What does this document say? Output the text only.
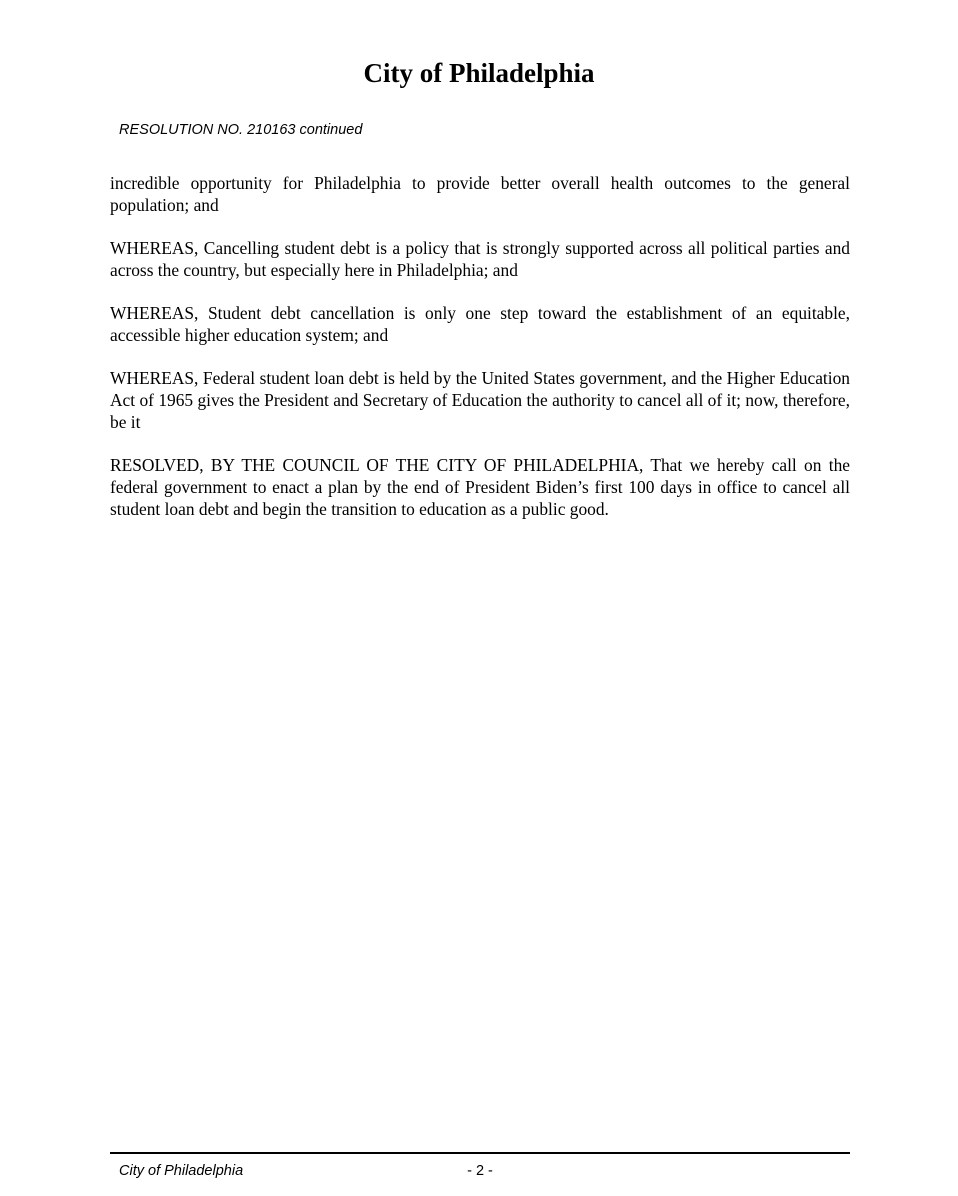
City of Philadelphia
RESOLUTION NO. 210163 continued

incredible opportunity for Philadelphia to provide better overall health outcomes to the general population; and

WHEREAS, Cancelling student debt is a policy that is strongly supported across all political parties and across the country, but especially here in Philadelphia; and

WHEREAS, Student debt cancellation is only one step toward the establishment of an equitable, accessible higher education system; and

WHEREAS, Federal student loan debt is held by the United States government, and the Higher Education Act of 1965 gives the President and Secretary of Education the authority to cancel all of it; now, therefore, be it

RESOLVED, BY THE COUNCIL OF THE CITY OF PHILADELPHIA, That we hereby call on the federal government to enact a plan by the end of President Biden’s first 100 days in office to cancel all student loan debt and begin the transition to education as a public good.

City of Philadelphia	- 2 -
